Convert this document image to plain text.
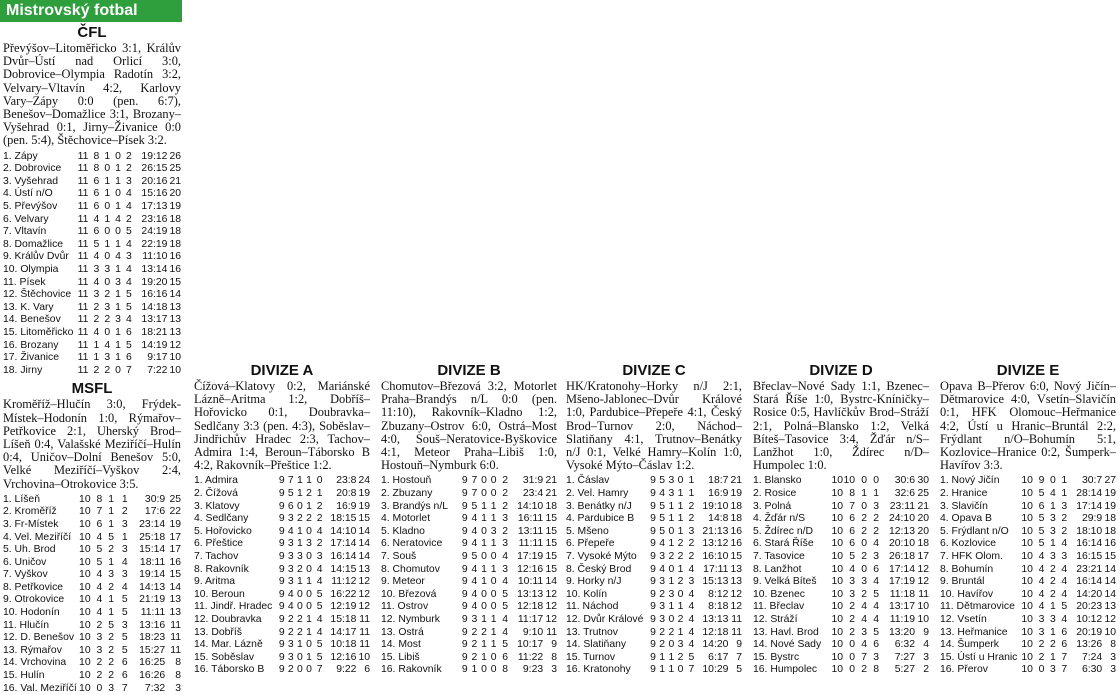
Mistrovský fotbal
ČFL
Převýšov–Litoměřicko 3:1, Králův Dvůr–Ústí nad Orlicí 3:0, Dobrovice–Olympia Radotín 3:2, Velvary–Vltavín 4:2, Karlovy Vary–Zápy 0:0 (pen. 6:7), Benešov–Domažlice 3:1, Brozany–Vyšehrad 0:1, Jirny–Živanice 0:0 (pen. 5:4), Štěchovice–Písek 3:2.
1. Zápy	11	8	1	0	2	19:12	26
2. Dobrovice	11	8	0	1	2	26:15	25
3. Vyšehrad	11	6	1	1	3	20:16	21
4. Ústí n/O	11	6	1	0	4	15:16	20
5. Převýšov	11	6	0	1	4	17:13	19
6. Velvary	11	4	1	4	2	23:16	18
7. Vltavín	11	6	0	0	5	24:19	18
8. Domažlice	11	5	1	1	4	22:19	18
9. Králův Dvůr	11	4	0	4	3	11:10	16
10. Olympia	11	3	3	1	4	13:14	16
11. Písek	11	4	0	3	4	19:20	15
12. Štěchovice	11	3	2	1	5	16:16	14
13. K. Vary	11	2	3	1	5	14:18	13
14. Benešov	11	2	2	3	4	13:17	13
15. Litoměřicko	11	4	0	1	6	18:21	13
16. Brozany	11	1	4	1	5	14:19	12
17. Živanice	11	1	3	1	6	9:17	10
18. Jirny	11	2	2	0	7	7:22	10
MSFL
Kroměříž–Hlučín 3:0, Frýdek-Místek–Hodonín 1:0, Rýmařov–Petřkovice 2:1, Uherský Brod–Líšeň 0:4, Valašské Meziříčí–Hulín 0:4, Uničov–Dolní Benešov 5:0, Velké Meziříčí–Vyškov 2:4, Vrchovina–Otrokovice 3:5.
1. Líšeň	10	8	1	1	30:9	25
2. Kroměříž	10	7	1	2	17:6	22
3. Fr-Místek	10	6	1	3	23:14	19
4. Vel. Meziříčí	10	4	5	1	25:18	17
5. Uh. Brod	10	5	2	3	15:14	17
6. Uničov	10	5	1	4	18:11	16
7. Vyškov	10	4	3	3	19:14	15
8. Petřkovice	10	4	2	4	14:13	14
9. Otrokovice	10	4	1	5	21:19	13
10. Hodonín	10	4	1	5	11:11	13
11. Hlučín	10	2	5	3	13:16	11
12. D. Benešov	10	3	2	5	18:23	11
13. Rýmařov	10	3	2	5	15:27	11
14. Vrchovina	10	2	2	6	16:25	8
15. Hulín	10	2	2	6	16:26	8
16. Val. Meziříčí	10	0	3	7	7:32	3
DIVIZE A
Čížová–Klatovy 0:2, Mariánské Lázně–Aritma 1:2, Dobříš–Hořovicko 0:1, Doubravka–Sedlčany 3:3 (pen. 4:3), Soběslav–Jindřichův Hradec 2:3, Tachov–Admira 1:4, Beroun–Táborsko B 4:2, Rakovník–Přeštice 1:2.
1. Admira	9	7	1	1	0	23:8	24
2. Čížová	9	5	1	2	1	20:8	19
3. Klatovy	9	6	0	1	2	16:9	19
4. Sedlčany	9	3	2	2	2	18:15	15
5. Hořovicko	9	4	1	0	4	14:10	14
6. Přeštice	9	3	1	3	2	17:14	14
7. Tachov	9	3	3	0	3	16:14	14
8. Rakovník	9	3	2	0	4	14:15	13
9. Aritma	9	3	1	1	4	11:12	12
10. Beroun	9	4	0	0	5	16:22	12
11. Jindř. Hradec	9	4	0	0	5	12:19	12
12. Doubravka	9	2	2	1	4	15:18	11
13. Dobříš	9	2	2	1	4	14:17	11
14. Mar. Lázně	9	3	1	0	5	10:18	11
15. Soběslav	9	3	0	1	5	12:16	10
16. Táborsko B	9	2	0	0	7	9:22	6
DIVIZE B
Chomutov–Březová 3:2, Motorlet Praha–Brandýs n/L 0:0 (pen. 11:10), Rakovník–Kladno 1:2, Zbuzany–Ostrov 6:0, Ostrá–Most 4:0, Souš–Neratovice-Byškovice 4:1, Meteor Praha–Libiš 1:0, Hostouň–Nymburk 6:0.
1. Hostouň	9	7	0	0	2	31:9	21
2. Zbuzany	9	7	0	0	2	23:4	21
3. Brandýs n/L	9	5	1	1	2	14:10	18
4. Motorlet	9	4	1	1	3	16:11	15
5. Kladno	9	4	0	3	2	13:11	15
6. Neratovice	9	4	1	1	3	11:11	15
7. Souš	9	5	0	0	4	17:19	15
8. Chomutov	9	4	1	1	3	12:16	15
9. Meteor	9	4	1	0	4	10:11	14
10. Březová	9	4	0	0	5	13:13	12
11. Ostrov	9	4	0	0	5	12:18	12
12. Nymburk	9	3	1	1	4	11:17	12
13. Ostrá	9	2	2	1	4	9:10	11
14. Most	9	2	1	1	5	10:17	9
15. Libiš	9	2	1	0	6	11:22	8
16. Rakovník	9	1	0	0	8	9:23	3
DIVIZE C
HK/Kratonohy–Horky n/J 2:1, Mšeno-Jablonec–Dvůr Králové 1:0, Pardubice–Přepeře 4:1, Český Brod–Turnov 2:0, Náchod–Slatiňany 4:1, Trutnov–Benátky n/J 0:1, Velké Hamry–Kolín 1:0, Vysoké Mýto–Čáslav 1:2.
1. Čáslav	9	5	3	0	1	18:7	21
2. Vel. Hamry	9	4	3	1	1	16:9	19
3. Benátky n/J	9	5	1	1	2	19:10	18
4. Pardubice B	9	5	1	1	2	14:8	18
5. Mšeno	9	5	0	1	3	21:13	16
6. Přepeře	9	4	1	2	2	13:12	16
7. Vysoké Mýto	9	3	2	2	2	16:10	15
8. Český Brod	9	4	0	1	4	17:11	13
9. Horky n/J	9	3	1	2	3	15:13	13
10. Kolín	9	2	3	0	4	8:12	12
11. Náchod	9	3	1	1	4	8:18	12
12. Dvůr Králové	9	3	0	2	4	13:13	11
13. Trutnov	9	2	2	1	4	12:18	11
14. Slatiňany	9	2	0	3	4	14:20	9
15. Turnov	9	1	1	2	5	6:17	7
16. Kratonohy	9	1	1	0	7	10:29	5
DIVIZE D
Břeclav–Nové Sady 1:1, Bzenec–Stará Říše 1:0, Bystrc-Kníničky–Rosice 0:5, Havlíčkův Brod–Stráží 2:1, Polná–Blansko 1:2, Velká Bíteš–Tasovice 3:4, Žďár n/S–Lanžhot 1:0, Ždírec n/D–Humpolec 1:0.
1. Blansko	10	10	0	0	30:6	30
2. Rosice	10	8	1	1	32:6	25
3. Polná	10	7	0	3	23:11	21
4. Žďár n/S	10	6	2	2	24:10	20
5. Ždírec n/D	10	6	2	2	12:13	20
6. Stará Říše	10	6	0	4	20:10	18
7. Tasovice	10	5	2	3	26:18	17
8. Lanžhot	10	4	0	6	17:14	12
9. Velká Bíteš	10	3	3	4	17:19	12
10. Bzenec	10	3	2	5	11:18	11
11. Břeclav	10	2	4	4	13:17	10
12. Stráží	10	2	4	4	11:19	10
13. Havl. Brod	10	2	3	5	13:20	9
14. Nové Sady	10	0	4	6	6:32	4
15. Bystrc	10	0	7	3	7:27	3
16. Humpolec	10	0	2	8	5:27	2
DIVIZE E
Opava B–Přerov 6:0, Nový Jičín–Dětmarovice 4:0, Vsetín–Slavičín 0:1, HFK Olomouc–Heřmanice 4:2, Ústí u Hranic–Bruntál 2:2, Frýdlant n/O–Bohumín 5:1, Kozlovice–Hranice 0:2, Šumperk–Havířov 3:3.
1. Nový Jičín	10	9	0	1	30:7	27
2. Hranice	10	5	4	1	28:14	19
3. Slavičín	10	6	1	3	17:14	19
4. Opava B	10	5	3	2	29:9	18
5. Frýdlant n/O	10	5	3	2	18:10	18
6. Kozlovice	10	5	1	4	16:14	16
7. HFK Olom.	10	4	3	3	16:15	15
8. Bohumín	10	4	2	4	23:21	14
9. Bruntál	10	4	2	4	16:14	14
10. Havířov	10	4	2	4	14:20	14
11. Dětmarovice	10	4	1	5	20:23	13
12. Vsetín	10	3	3	4	10:12	12
13. Heřmanice	10	3	1	6	20:19	10
14. Šumperk	10	2	2	6	13:26	8
15. Ústí u Hranic	10	2	1	7	7:24	3
16. Přerov	10	0	3	7	6:30	3
